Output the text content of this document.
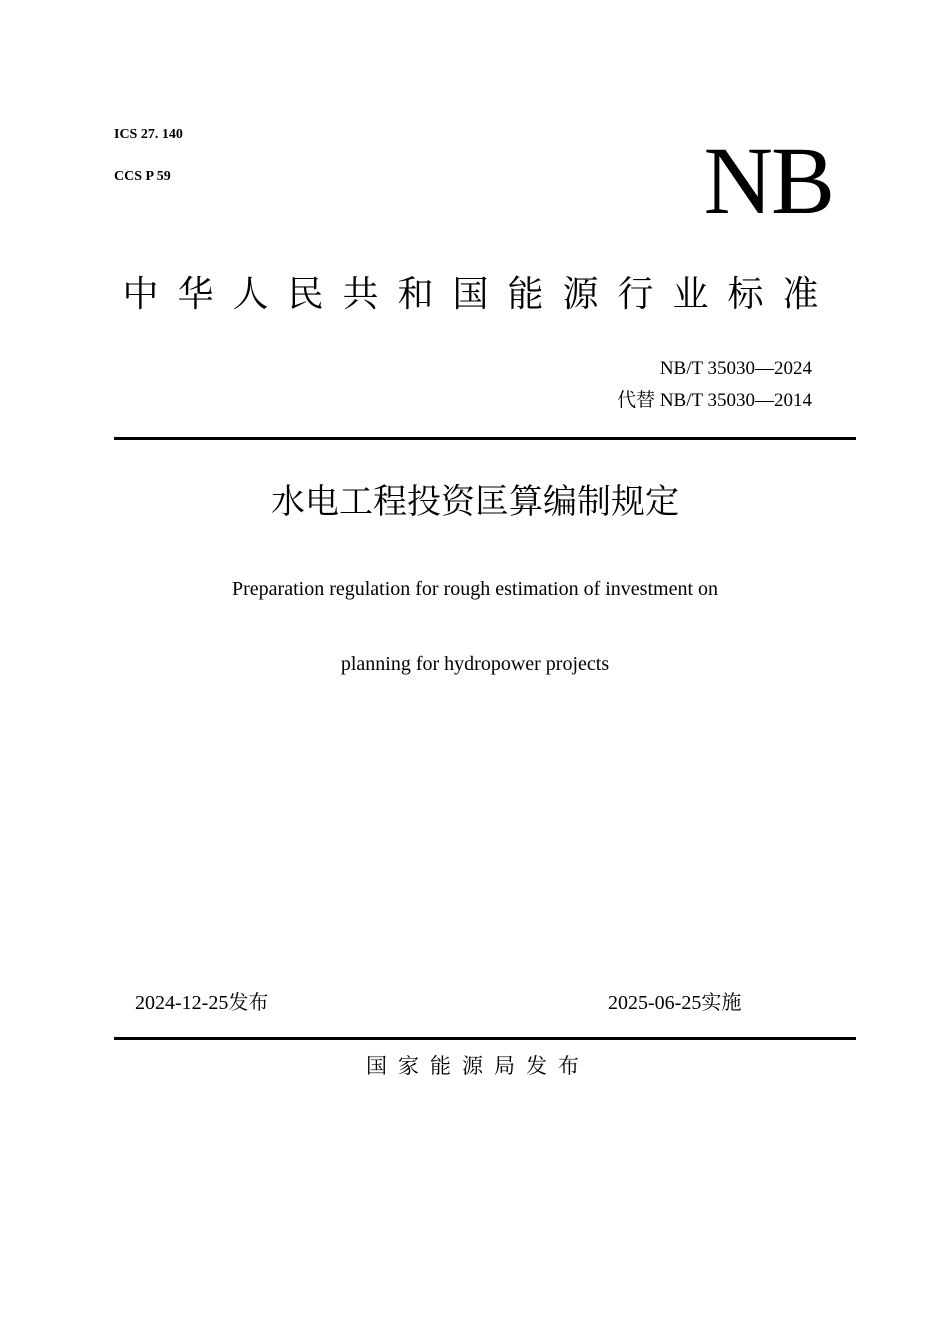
ICS 27. 140
CCS P 59	NB
中华人民共和国能源行业标准
NB/T 35030—2024
代替 NB/T 35030—2014
水电工程投资匡算编制规定
Preparation regulation for rough estimation of investment on
planning for hydropower projects
2024-12-25发布	2025-06-25实施
国家能源局发布
